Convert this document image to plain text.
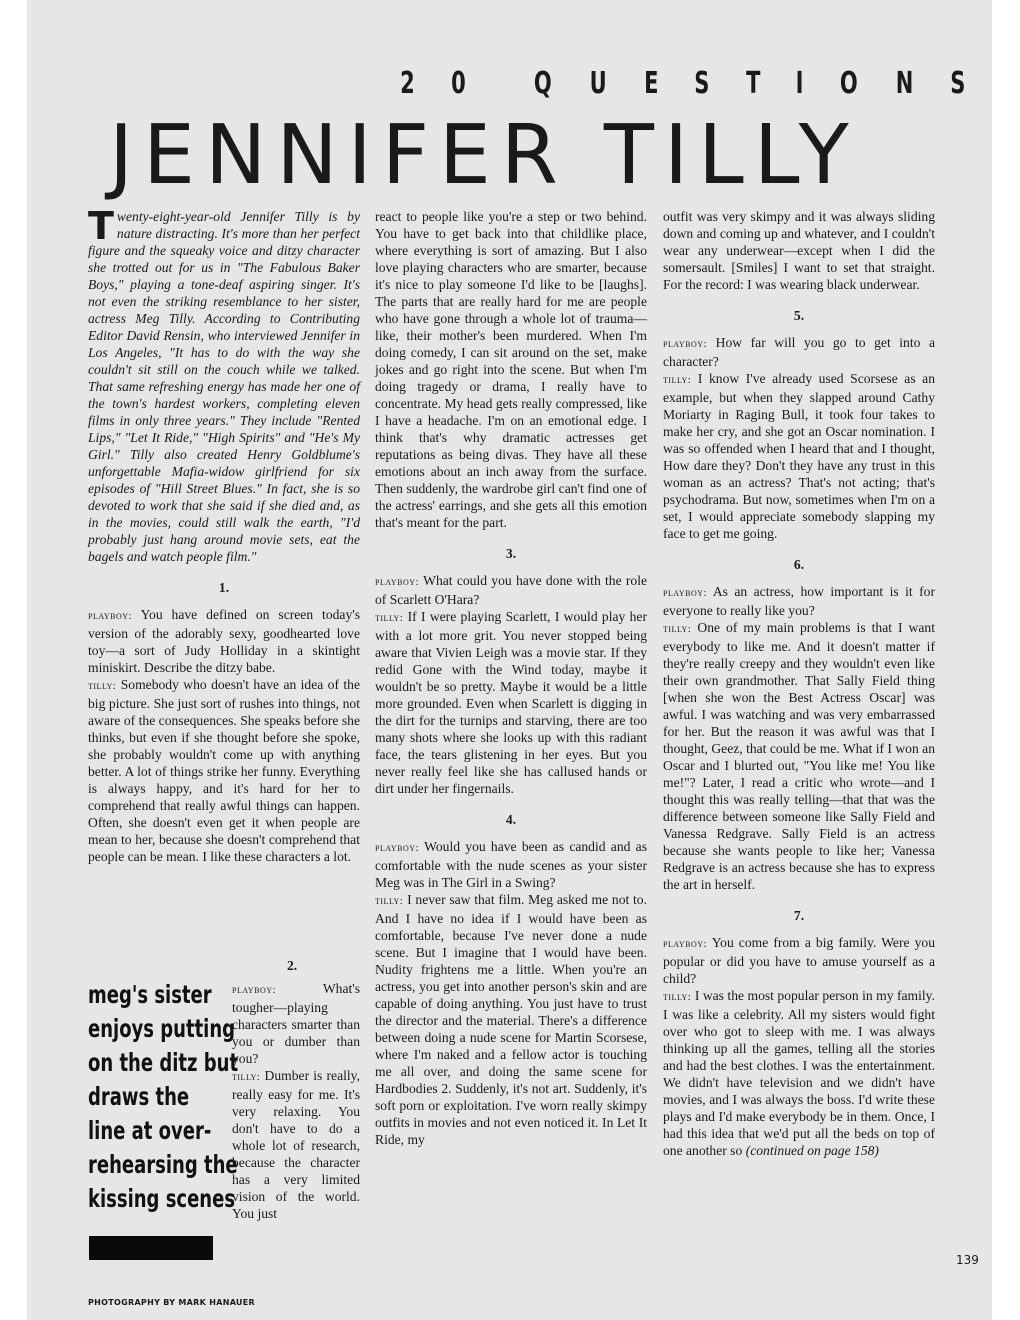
2 0 Q U E S T I O N S
JENNIFER TILLY

Twenty-eight-year-old Jennifer Tilly is by nature distracting. It's more than her perfect figure and the squeaky voice and ditzy character she trotted out for us in "The Fabulous Baker Boys," playing a tone-deaf aspiring singer. It's not even the striking resemblance to her sister, actress Meg Tilly. According to Contributing Editor David Rensin, who interviewed Jennifer in Los Angeles, "It has to do with the way she couldn't sit still on the couch while we talked. That same refreshing energy has made her one of the town's hardest workers, completing eleven films in only three years." They include "Rented Lips," "Let It Ride," "High Spirits" and "He's My Girl." Tilly also created Henry Goldblume's unforgettable Mafia-widow girlfriend for six episodes of "Hill Street Blues." In fact, she is so devoted to work that she said if she died and, as in the movies, could still walk the earth, "I'd probably just hang around movie sets, eat the bagels and watch people film."

1.

playboy: You have defined on screen today's version of the adorably sexy, goodhearted love toy—a sort of Judy Holliday in a skintight miniskirt. Describe the ditzy babe.

tilly: Somebody who doesn't have an idea of the big picture. She just sort of rushes into things, not aware of the consequences. She speaks before she thinks, but even if she thought before she spoke, she probably wouldn't come up with anything better. A lot of things strike her funny. Everything is always happy, and it's hard for her to comprehend that really awful things can happen. Often, she doesn't even get it when people are mean to her, because she doesn't comprehend that people can be mean. I like these characters a lot.

meg's sister
enjoys putting
on the ditz but
draws the
line at over-
rehearsing the
kissing scenes
2.

playboy:	What's tougher—playing characters smarter than you or dumber than you?

tilly: Dumber is really, really easy for me. It's very relaxing. You don't have to do a whole lot of research, because the character has a very limited vision of the world. You just

react to people like you're a step or two behind. You have to get back into that childlike place, where everything is sort of amazing. But I also love playing characters who are smarter, because it's nice to play someone I'd like to be [laughs]. The parts that are really hard for me are people who have gone through a whole lot of trauma—like, their mother's been murdered. When I'm doing comedy, I can sit around on the set, make jokes and go right into the scene. But when I'm doing tragedy or drama, I really have to concentrate. My head gets really compressed, like I have a headache. I'm on an emotional edge. I think that's why dramatic actresses get reputations as being divas. They have all these emotions about an inch away from the surface. Then suddenly, the wardrobe girl can't find one of the actress' earrings, and she gets all this emotion that's meant for the part.

3.

playboy: What could you have done with the role of Scarlett O'Hara?

tilly: If I were playing Scarlett, I would play her with a lot more grit. You never stopped being aware that Vivien Leigh was a movie star. If they redid Gone with the Wind today, maybe it wouldn't be so pretty. Maybe it would be a little more grounded. Even when Scarlett is digging in the dirt for the turnips and starving, there are too many shots where she looks up with this radiant face, the tears glistening in her eyes. But you never really feel like she has callused hands or dirt under her fingernails.

4.

playboy: Would you have been as candid and as comfortable with the nude scenes as your sister Meg was in The Girl in a Swing?

tilly: I never saw that film. Meg asked me not to. And I have no idea if I would have been as comfortable, because I've never done a nude scene. But I imagine that I would have been. Nudity frightens me a little. When you're an actress, you get into another person's skin and are capable of doing anything. You just have to trust the director and the material. There's a difference between doing a nude scene for Martin Scorsese, where I'm naked and a fellow actor is touching me all over, and doing the same scene for Hardbodies 2. Suddenly, it's not art. Suddenly, it's soft porn or exploitation. I've worn really skimpy outfits in movies and not even noticed it. In Let It Ride, my

outfit was very skimpy and it was always sliding down and coming up and whatever, and I couldn't wear any underwear—except when I did the somersault. [Smiles] I want to set that straight. For the record: I was wearing black underwear.

5.

playboy: How far will you go to get into a character?

tilly: I know I've already used Scorsese as an example, but when they slapped around Cathy Moriarty in Raging Bull, it took four takes to make her cry, and she got an Oscar nomination. I was so offended when I heard that and I thought, How dare they? Don't they have any trust in this woman as an actress? That's not acting; that's psychodrama. But now, sometimes when I'm on a set, I would appreciate somebody slapping my face to get me going.

6.

playboy: As an actress, how important is it for everyone to really like you?

tilly: One of my main problems is that I want everybody to like me. And it doesn't matter if they're really creepy and they wouldn't even like their own grandmother. That Sally Field thing [when she won the Best Actress Oscar] was awful. I was watching and was very embarrassed for her. But the reason it was awful was that I thought, Geez, that could be me. What if I won an Oscar and I blurted out, "You like me! You like me!"? Later, I read a critic who wrote—and I thought this was really telling—that that was the difference between someone like Sally Field and Vanessa Redgrave. Sally Field is an actress because she wants people to like her; Vanessa Redgrave is an actress because she has to express the art in herself.

7.

playboy: You come from a big family. Were you popular or did you have to amuse yourself as a child?

tilly: I was the most popular person in my family. I was like a celebrity. All my sisters would fight over who got to sleep with me. I was always thinking up all the games, telling all the stories and had the best clothes. I was the entertainment. We didn't have television and we didn't have movies, and I was always the boss. I'd write these plays and I'd make everybody be in them. Once, I had this idea that we'd put all the beds on top of one another so (continued on page 158)

139
PHOTOGRAPHY BY MARK HANAUER
